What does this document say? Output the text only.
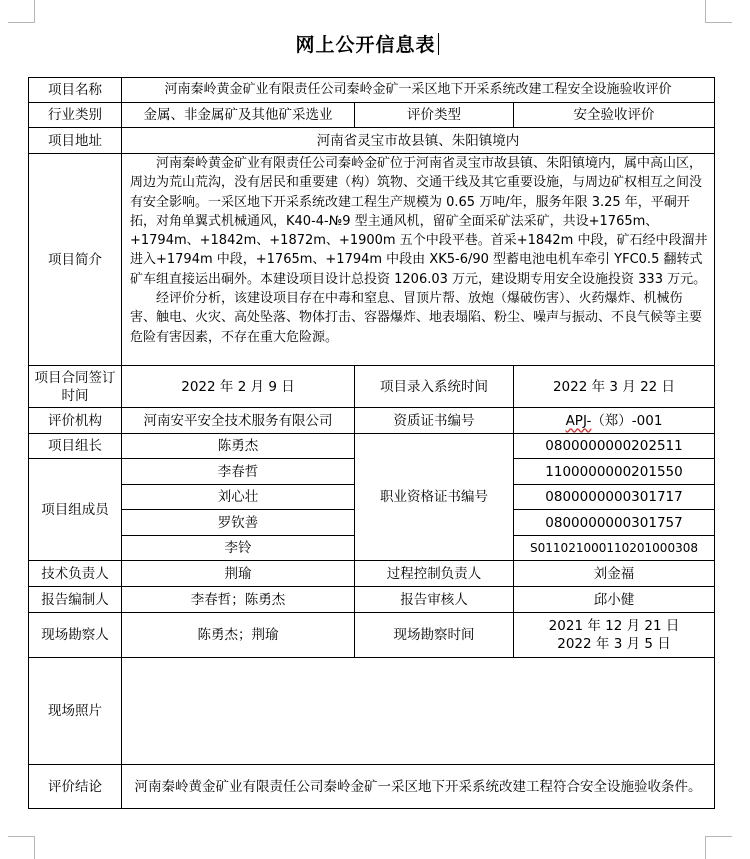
网上公开信息表
项目名称	河南秦岭黄金矿业有限责任公司秦岭金矿一采区地下开采系统改建工程安全设施验收评价		
行业类别	金属、非金属矿及其他矿采选业	评价类型	安全验收评价
项目地址	河南省灵宝市故县镇、朱阳镇境内		
项目简介	河南秦岭黄金矿业有限责任公司秦岭金矿位于河南省灵宝市故县镇、朱阳镇境内，属中高山区，周边为荒山荒沟，没有居民和重要建（构）筑物、交通干线及其它重要设施，与周边矿权相互之间没有安全影响。一采区地下开采系统改建工程生产规模为 0.65 万吨/年，服务年限 3.25 年，平硐开拓，对角单翼式机械通风，K40-4-№9 型主通风机，留矿全面采矿法采矿，共设+1765m、+1794m、+1842m、+1872m、+1900m 五个中段平巷。首采+1842m 中段，矿石经中段溜井进入+1794m 中段，+1765m、+1794m 中段由 XK5-6/90 型蓄电池电机车牵引 YFC0.5 翻转式矿车组直接运出硐外。本建设项目设计总投资 1206.03 万元，建设期专用安全设施投资 333 万元。

经评价分析，该建设项目存在中毒和窒息、冒顶片帮、放炮（爆破伤害）、火药爆炸、机械伤害、触电、火灾、高处坠落、物体打击、容器爆炸、地表塌陷、粉尘、噪声与振动、不良气候等主要危险有害因素，不存在重大危险源。		

项目合同签订时间	2022 年 2 月 9 日	项目录入系统时间	2022 年 3 月 22 日
评价机构	河南安平安全技术服务有限公司	资质证书编号	APJ-（郑）-001
项目组长	陈勇杰	职业资格证书编号	0800000000202511
项目组成员	李春哲		1100000000201550
	刘心壮		0800000000301717
	罗钦善		0800000000301757
	李铃		S011021000110201000308
技术负责人	荆瑜	过程控制负责人	刘金福
报告编制人	李春哲；陈勇杰	报告审核人	邱小健
现场勘察人	陈勇杰；荆瑜	现场勘察时间	2021 年 12 月 21 日
2022 年 3 月 5 日

现场照片			
评价结论	河南秦岭黄金矿业有限责任公司秦岭金矿一采区地下开采系统改建工程符合安全设施验收条件。		
